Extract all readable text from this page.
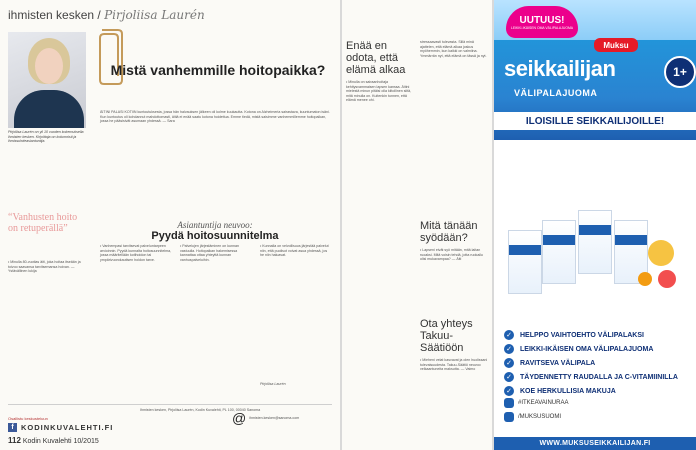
ihmisten kesken / Pirjoliisa Laurén
Pirjoliisa Laurén on yli 10 vuoden kokemuksella ihmisten kesken. Kirjoittaja on kolumnisti ja ihmissuhdeasiantuntija.
“Vanhusten hoito on retuperällä”
• Minulla 80-vuotias äiti, joka hoitaa itseään ja toivoo saavansa tarvitsemansa hoivan. — Ystävällinen lukija
Mistä vanhemmille hoitopaikka?
ÄITINI PALASI KOTIIN kuntoutuksesta, jossa hän halvauksen jälkeen oli kolme kuukautta. Kotona on Alzheimeria sairastava, kuuntumaton isäni. Kun kuntoutus oli kohdannut mahdottomasti, äitiä ei enää saatu kotona hoidettua. Emme tiedä, mistä saisimme vanhemmillemme hoitopaikan, jossa he pääsisivät asumaan yhdessä. — Sara
Asiantuntija neuvoo:
Pyydä hoitosuunnitelma
• Vanhempasi tarvitsevat palveluntarpeen arvioinnin. Pyydä kunnalta hoitosuunnitelma, jossa määritellään kotihoidon tai ympärivuorokautisen hoidon tarve.
• Palvelujen järjestäminen on kunnan vastuulla. Hoitopaikan hakemisessa kannattaa ottaa yhteyttä kunnan vanhuspalveluihin.
• Kunnalla on velvollisuus järjestää palvelut niin, että puolisot voivat asua yhdessä, jos he niin haluavat.
Pirjoliisa Laurén
Osallistu keskusteluun
f KODINKUVALEHTI.FI
Ihmisten kesken, Pirjoliisa Laurén, Kodin Kuvalehti, PL 100, 00040 Sanoma
@ ihmisten.kesken@sanoma.com
112 Kodin Kuvalehti 10/2015
Enää en odota, että elämä alkaa
• Minulla on sairaanhoitaja kehitysvammaisen lapsen kanssa. Äitini mielestä minun pitäisi olla kiitollinen siitä, mitä minulla on. Kuitenkin tunnen, että elämä menee ohi.
stressaavasti tulevasta. Sillä minä ajattelen, että elämä alkaa joskus myöhemmin, kun kaikki on valmiina. Ymmärrän nyt, että elämä on tässä ja nyt.
Mitä tänään syödään?
• Lapseni eivät syö mitään, mitä laitan ruoaksi. Mitä voisin tehdä, jotta ruokailu olisi mukavampaa? — Äiti
Ota yhteys Takuu-Säätiöön
• Mieheni velat kasvavat ja olen huolissani tulevaisuudesta. Takuu-Säätiö neuvoo velkaantuneita maksutta. — Vaimo
UUTUUS!
LEIKKI-IKÄISEN OMA VÄLIPALAJUOMA
Muksu
seikkailijan	1+
VÄLIPALAJUOMA
ILOISILLE SEIKKAILIJOILLE!
✓ HELPPO VAIHTOEHTO VÄLIPALAKSI
✓ LEIKKI-IKÄISEN OMA VÄLIPALAJUOMA
✓ RAVITSEVA VÄLIPALA
✓ TÄYDENNETTY RAUDALLA JA C-VITAMIINILLA
✓ KOE HERKULLISIA MAKUJA
#ITKEAVAINURAA
/MUKSUSUOMI
WWW.MUKSUSEIKKAILIJAN.FI
